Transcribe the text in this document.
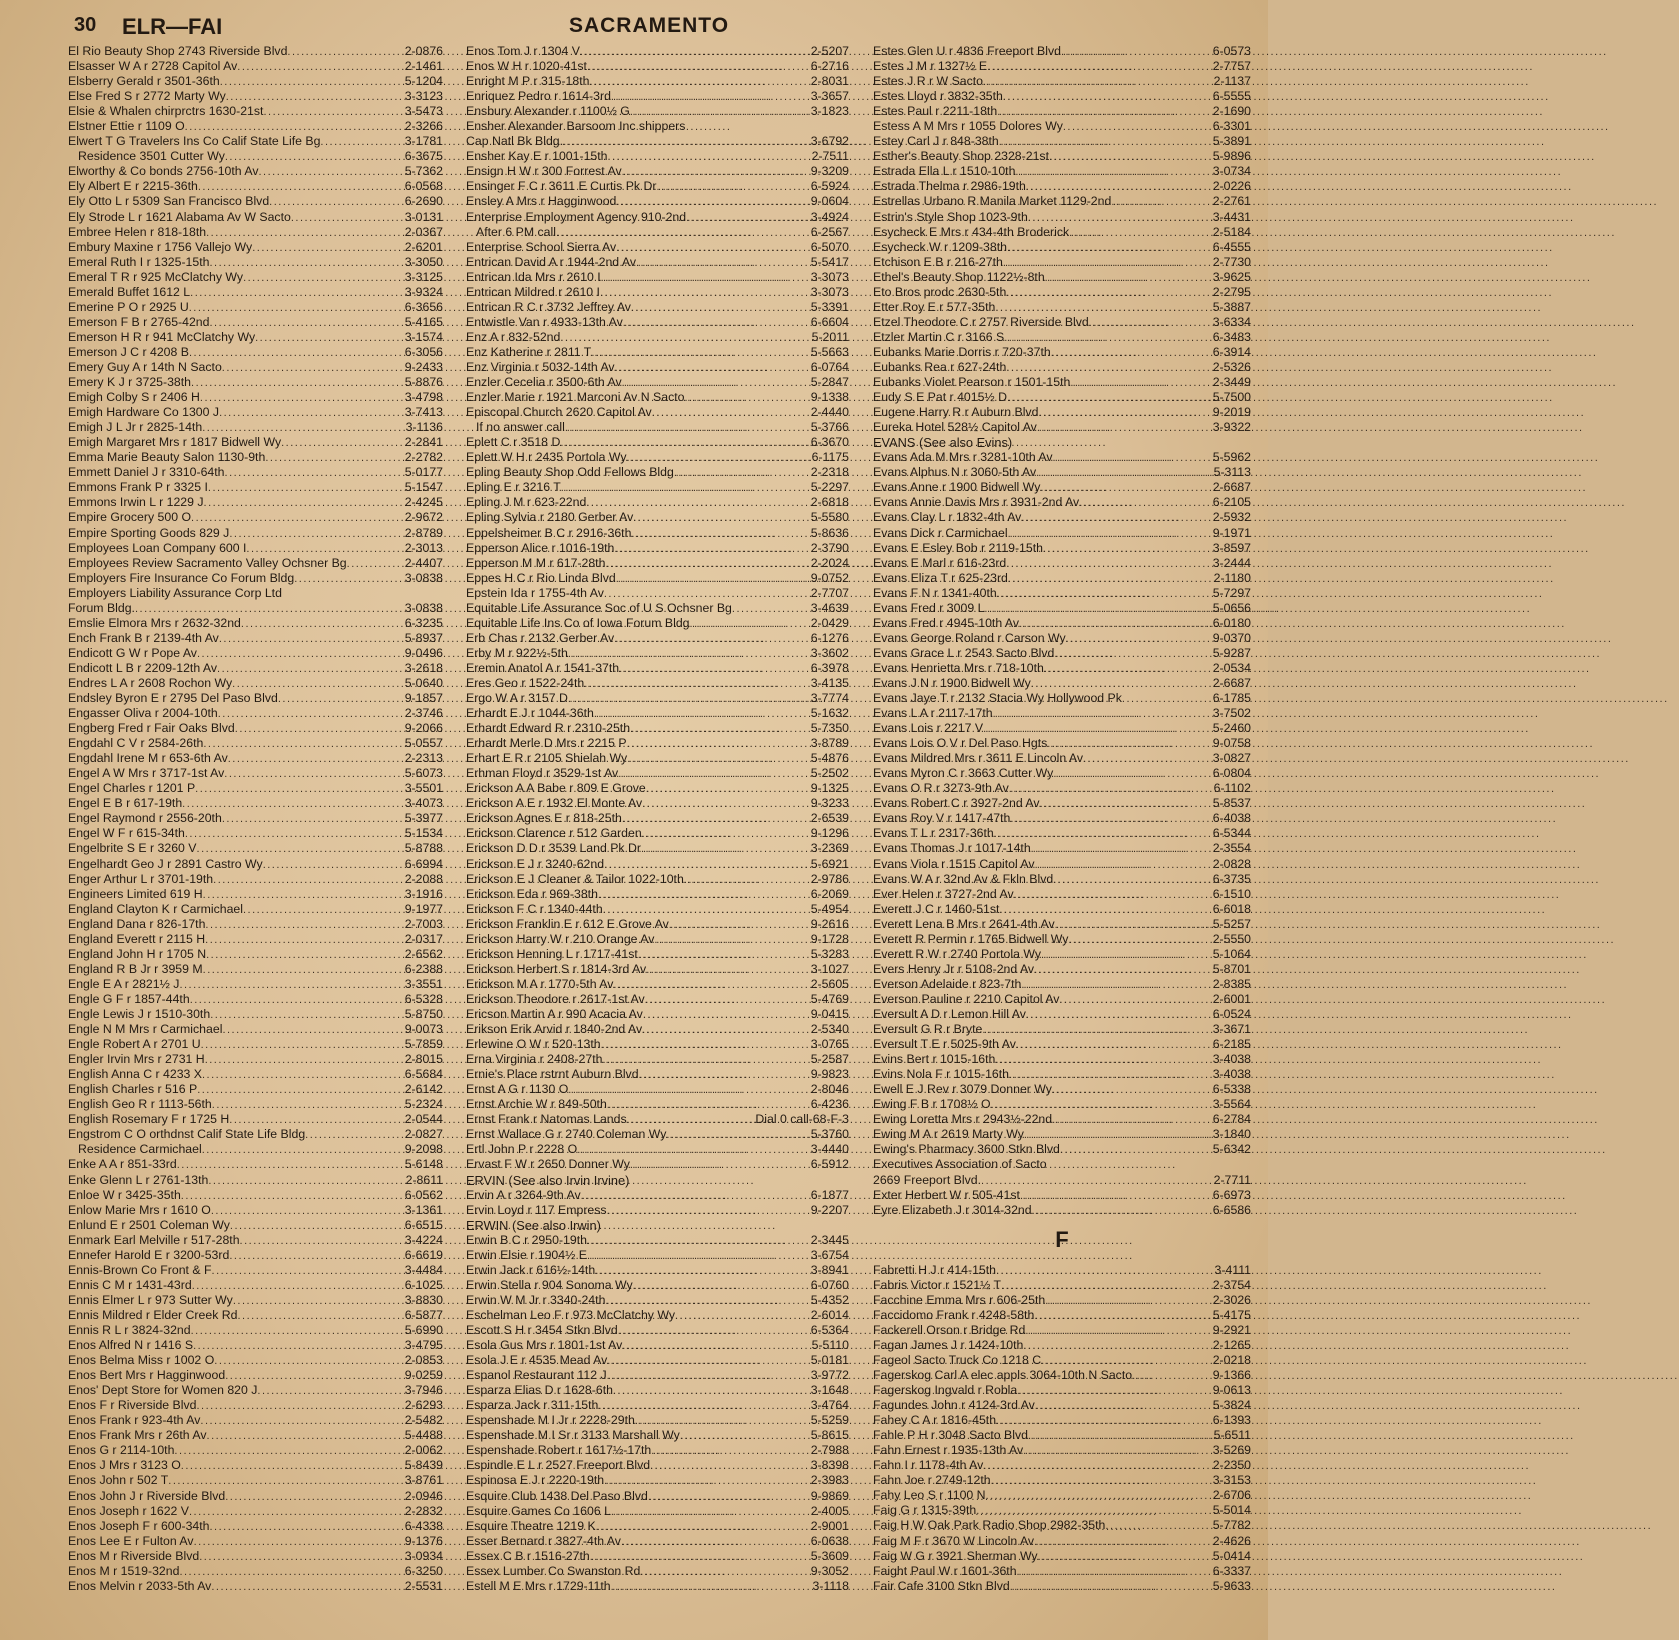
30 ELR—FAI	SACRAMENTO
El Rio Beauty Shop 2743 Riverside Blvd .....	2-0876
Elsasser W A r 2728 Capitol Av .....	2-1461
Elsberry Gerald r 3501-36th .....	5-1204
Else Fred S r 2772 Marty Wy .....	3-3123
Elsie & Whalen chirprctrs 1630-21st .....	3-5473
Elstner Ettie r 1109 O .....	2-3266
Elwert T G Travelers Ins Co Calif State Life Bg .....	3-1781
Residence 3501 Cutter Wy .....	6-3675
Elworthy & Co bonds 2756-10th Av .....	5-7362
Ely Albert E r 2215-36th .....	6-0568
Ely Otto L r 5309 San Francisco Blvd .....	6-2690
Ely Strode L r 1621 Alabama Av W Sacto .....	3-0131
Embree Helen r 818-18th .....	2-0367
Embury Maxine r 1756 Vallejo Wy .....	2-6201
Emeral Ruth I r 1325-15th .....	3-3050
Emeral T R r 925 McClatchy Wy .....	3-3125
Emerald Buffet 1612 L .....	3-9324
Emerine P O r 2925 U .....	6-3656
Emerson F B r 2765-42nd .....	5-4165
Emerson H R r 941 McClatchy Wy .....	3-1574
Emerson J C r 4208 B .....	6-3056
Emery Guy A r 14th N Sacto .....	9-2433
Emery K J r 3725-38th .....	5-8876
Emigh Colby S r 2406 H .....	3-4798
Emigh Hardware Co 1300 J .....	3-7413
Emigh J L Jr r 2825-14th .....	3-1136
Emigh Margaret Mrs r 1817 Bidwell Wy .....	2-2841
Emma Marie Beauty Salon 1130-9th .....	2-2782
Emmett Daniel J r 3310-64th .....	5-0177
Emmons Frank P r 3325 I .....	5-1547
Emmons Irwin L r 1229 J .....	2-4245
Empire Grocery 500 O .....	2-9672
Empire Sporting Goods 829 J .....	2-8789
Employees Loan Company 600 I .....	2-3013
Employees Review Sacramento Valley Ochsner Bg .....	2-4407
Employers Fire Insurance Co Forum Bldg .....	3-0838
Employers Liability Assurance Corp Ltd
Forum Bldg. .....	3-0838
Emslie Elmora Mrs r 2632-32nd .....	6-3235
Ench Frank B r 2139-4th Av .....	5-8937
Endicott G W r Pope Av .....	9-0496
Endicott L B r 2209-12th Av .....	3-2618
Endres L A r 2608 Rochon Wy .....	5-0640
Endsley Byron E r 2795 Del Paso Blvd .....	9-1857
Engasser Oliva r 2004-10th .....	2-3746
Engberg Fred r Fair Oaks Blvd .....	9-2066
Engdahl C V r 2584-26th .....	5-0557
Engdahl Irene M r 653-6th Av .....	2-2313
Engel A W Mrs r 3717-1st Av .....	5-6073
Engel Charles r 1201 P .....	3-5501
Engel E B r 617-19th .....	3-4073
Engel Raymond r 2556-20th .....	5-3977
Engel W F r 615-34th .....	5-1534
Engelbrite S E r 3260 V .....	5-8788
Engelhardt Geo J r 2891 Castro Wy .....	6-6994
Enger Arthur L r 3701-19th .....	2-2088
Engineers Limited 619 H .....	3-1916
England Clayton K r Carmichael .....	9-1977
England Dana r 826-17th .....	2-7003
England Everett r 2115 H .....	2-0317
England John H r 1705 N .....	2-6562
England R B Jr r 3959 M .....	6-2388
Engle E A r 2821½ J .....	3-3551
Engle G F r 1857-44th .....	6-5328
Engle Lewis J r 1510-30th .....	5-8750
Engle N M Mrs r Carmichael .....	9-0073
Engle Robert A r 2701 U .....	5-7859
Engler Irvin Mrs r 2731 H .....	2-8015
English Anna C r 4233 X .....	6-5684
English Charles r 516 P .....	2-6142
English Geo R r 1113-56th .....	5-2324
English Rosemary F r 1725 H .....	2-0544
Engstrom C O orthdnst Calif State Life Bldg .....	2-0827
Residence Carmichael .....	9-2098
Enke A A r 851-33rd .....	5-6148
Enke Glenn L r 2761-13th .....	2-8611
Enloe W r 3425-35th .....	6-0562
Enlow Marie Mrs r 1610 O .....	3-1361
Enlund E r 2501 Coleman Wy .....	6-6515
Enmark Earl Melville r 517-28th .....	3-4224
Ennefer Harold E r 3200-53rd .....	6-6619
Ennis-Brown Co Front & F .....	3-4484
Ennis C M r 1431-43rd .....	6-1025
Ennis Elmer L r 973 Sutter Wy .....	3-8830
Ennis Mildred r Elder Creek Rd .....	6-5877
Ennis R L r 3824-32nd .....	5-6990
Enos Alfred N r 1416 S .....	3-4795
Enos Belma Miss r 1002 O .....	2-0853
Enos Bert Mrs r Hagginwood .....	9-0259
Enos' Dept Store for Women 820 J .....	3-7946
Enos F r Riverside Blvd .....	2-6293
Enos Frank r 923-4th Av .....	2-5482
Enos Frank Mrs r 26th Av .....	5-4488
Enos G r 2114-10th .....	2-0062
Enos J Mrs r 3123 O .....	5-8439
Enos John r 502 T .....	3-8761
Enos John J r Riverside Blvd .....	2-0946
Enos Joseph r 1622 V .....	2-2832
Enos Joseph F r 600-34th .....	6-4338
Enos Lee E r Fulton Av .....	9-1376
Enos M r Riverside Blvd .....	3-0934
Enos M r 1519-32nd .....	6-3250
Enos Melvin r 2033-5th Av .....	2-5531
Enos Tom J r 1304 V .....	2-5207
Enos W H r 1020-41st .....	6-2716
Enright M P r 315-18th .....	2-8031
Enriquez Pedro r 1614-3rd .....	3-3657
Ensbury Alexander r 1100½ G .....	3-1823
Ensher Alexander Barsoom Inc shippers
Cap Natl Bk Bldg. .....	3-6792
Ensher Kay E r 1001-15th .....	2-7511
Ensign H W r 300 Forrest Av .....	9-3209
Ensinger F C r 3611 E Curtis Pk Dr .....	6-5924
Ensley A Mrs r Hagginwood .....	9-0604
Enterprise Employment Agency 910-2nd .....	3-4924
After 6 PM call .....	6-2567
Enterprise School Sierra Av .....	6-5070
Entrican David A r 1944-2nd Av .....	5-5417
Entrican Ida Mrs r 2610 I .....	3-3073
Entrican Mildred r 2610 I .....	3-3073
Entrican R C r 3732 Jeffrey Av .....	5-3391
Entwistle Van r 4933-13th Av .....	6-6604
Enz A r 832-52nd .....	5-2011
Enz Katherine r 2811 T .....	5-5663
Enz Virginia r 5032-14th Av .....	6-0764
Enzler Cecelia r 3500-6th Av .....	5-2847
Enzler Marie r 1921 Marconi Av N Sacto .....	9-1338
Episcopal Church 2620 Capitol Av .....	2-4440
If no answer call .....	5-3766
Eplett C r 3518 D .....	6-3670
Eplett W H r 2435 Portola Wy .....	6-1175
Epling Beauty Shop Odd Fellows Bldg .....	2-2318
Epling E r 3216 T .....	5-2297
Epling J M r 623-22nd .....	2-6818
Epling Sylvia r 2180 Gerber Av .....	5-5580
Eppelsheimer B C r 2916-36th .....	5-8636
Epperson Alice r 1016-19th .....	2-3790
Epperson M M r 617-28th .....	2-2024
Eppes H C r Rio Linda Blvd .....	9-0752
Epstein Ida r 1755-4th Av .....	2-7707
Equitable Life Assurance Soc of U S Ochsner Bg .....	3-4639
Equitable Life Ins Co of Iowa Forum Bldg .....	2-0429
Erb Chas r 2132 Gerber Av .....	6-1276
Erby M r 922½-5th .....	3-3602
Eremin Anatol A r 1541-37th .....	6-3978
Eres Geo r 1522-24th .....	3-4135
Ergo W A r 3157 D .....	3-7774
Erhardt E J r 1044-36th .....	5-1632
Erhardt Edward R r 2310-25th .....	5-7350
Erhardt Merle D Mrs r 2215 P .....	3-8789
Erhart E R r 2105 Shielah Wy .....	5-4876
Erhman Floyd r 3529-1st Av .....	5-2502
Erickson A A Babe r 809 E Grove .....	9-1325
Erickson A E r 1932 El Monte Av .....	9-3233
Erickson Agnes E r 818-25th .....	2-6539
Erickson Clarence r 512 Garden .....	9-1296
Erickson D D r 3539 Land Pk Dr .....	3-2369
Erickson E J r 3240-62nd .....	5-6921
Erickson E J Cleaner & Tailor 1022-10th .....	2-9786
Erickson Eda r 969-38th .....	6-2069
Erickson F C r 1340-44th .....	5-4954
Erickson Franklin E r 612 E Grove Av .....	9-2616
Erickson Harry W r 210 Orange Av .....	9-1728
Erickson Henning L r 1717-41st .....	5-3283
Erickson Herbert S r 1814-3rd Av .....	3-1027
Erickson M A r 1770-5th Av .....	2-5605
Erickson Theodore r 2617-1st Av .....	5-4769
Ericson Martin A r 990 Acacia Av .....	9-0415
Erikson Erik Arvid r 1840-2nd Av .....	2-5340
Erlewine O W r 520-13th .....	3-0765
Erna Virginia r 2408-27th .....	5-2587
Ernie's Place rstrnt Auburn Blvd .....	9-9823
Ernst A G r 1130 O .....	2-8046
Ernst Archie W r 849-50th .....	6-4236
Ernst Frank r Natomas Lands .....	Dial 0 call-68-F-3
Ernst Wallace G r 2740 Coleman Wy .....	5-3760
Ertl John P r 2228 O .....	3-4440
Ervast F W r 2650 Donner Wy .....	6-5912
ERVIN (See also Irvin Irvine)
Ervin A r 3264-9th Av .....	6-1877
Ervin Loyd r 117 Empress .....	9-2207
ERWIN (See also Irwin)
Erwin B C r 2950-19th .....	2-3445
Erwin Elsie r 1904½ E .....	3-6754
Erwin Jack r 616½-14th .....	3-8941
Erwin Stella r 904 Sonoma Wy .....	6-0760
Erwin W M Jr r 3340-24th .....	5-4352
Eschelman Leo F r 973 McClatchy Wy .....	2-6014
Escott S H r 3454 Stkn Blvd .....	6-5364
Esola Gus Mrs r 1801-1st Av .....	5-5110
Esola J E r 4535 Mead Av .....	5-0181
Espanol Restaurant 112 J .....	3-9772
Esparza Elias D r 1628-6th .....	3-1648
Esparza Jack r 311-15th .....	3-4764
Espenshade M I Jr r 2228-29th .....	5-5259
Espenshade M I Sr r 3133 Marshall Wy .....	5-8615
Espenshade Robert r 1617½-17th .....	2-7988
Espindle E L r 2527 Freeport Blvd .....	3-8398
Espinosa E J r 2220-19th .....	2-3983
Esquire Club 1438 Del Paso Blvd .....	9-9869
Esquire Games Co 1606 L .....	2-4005
Esquire Theatre 1219 K .....	2-9001
Esser Bernard r 3827-4th Av .....	6-0638
Essex C B r 1516-27th .....	5-3609
Essex Lumber Co Swanston Rd .....	9-3052
Estell M E Mrs r 1729-11th .....	3-1118
Estes Glen U r 4836 Freeport Blvd .....	6-0573
Estes J M r 1327½ E .....	2-7757
Estes J R r W Sacto .....	2-1137
Estes Lloyd r 3832-35th .....	6-5555
Estes Paul r 2211-18th .....	2-1690
Estess A M Mrs r 1055 Dolores Wy .....	6-3301
Estey Carl J r 848-38th .....	5-3891
Esther's Beauty Shop 2328-21st .....	5-9896
Estrada Ella L r 1510-10th .....	3-0734
Estrada Thelma r 2986-19th .....	2-0226
Estrellas Urbano R Manila Market 1129-2nd .....	2-2761
Estrin's Style Shop 1023-9th .....	3-4431
Esycheck E Mrs r 434-4th Broderick .....	2-5184
Esycheck W r 1209-38th .....	6-4555
Etchison E B r 216-27th .....	2-7730
Ethel's Beauty Shop 1122½-8th .....	3-9625
Eto Bros prodc 2630-5th .....	2-2795
Etter Roy E r 577-35th .....	5-3887
Etzel Theodore C r 2757 Riverside Blvd .....	3-6334
Etzler Martin C r 3166 S .....	6-3483
Eubanks Marie Dorris r 720-37th .....	6-3914
Eubanks Rea r 627-24th .....	2-5326
Eubanks Violet Pearson r 1501-15th .....	2-3449
Eudy S E Pat r 4015½ D .....	5-7500
Eugene Harry R r Auburn Blvd .....	9-2019
Eureka Hotel 528½ Capitol Av .....	3-9322
EVANS (See also Evins)
Evans Ada M Mrs r 3281-10th Av .....	5-5962
Evans Alphus N r 3060-5th Av .....	5-3113
Evans Anne r 1900 Bidwell Wy .....	2-6687
Evans Annie Davis Mrs r 3931-2nd Av .....	6-2105
Evans Clay L r 1832-4th Av .....	2-5932
Evans Dick r Carmichael .....	9-1971
Evans E Esley Bob r 2119-15th .....	3-8597
Evans E Marl r 616-23rd .....	3-2444
Evans Eliza T r 625-23rd .....	2-1180
Evans F N r 1341-40th .....	5-7297
Evans Fred r 3009 L .....	5-0656
Evans Fred r 4945-10th Av .....	6-0180
Evans George Roland r Carson Wy .....	9-0370
Evans Grace L r 2543 Sacto Blvd .....	5-9287
Evans Henrietta Mrs r 718-10th .....	2-0534
Evans J N r 1900 Bidwell Wy .....	2-6687
Evans Jaye T r 2132 Stacia Wy Hollywood Pk .....	6-1785
Evans L A r 2117-17th .....	3-7502
Evans Lois r 2217 V .....	5-2460
Evans Lois O V r Del Paso Hgts .....	9-0758
Evans Mildred Mrs r 3611 E Lincoln Av .....	3-0827
Evans Myron C r 3663 Cutter Wy .....	6-0804
Evans O R r 3273-9th Av .....	6-1102
Evans Robert C r 3927-2nd Av .....	5-8537
Evans Roy V r 1417-47th .....	6-4038
Evans T L r 2317-36th .....	6-5344
Evans Thomas J r 1017-14th .....	2-3554
Evans Viola r 1515 Capitol Av .....	2-0828
Evans W A r 32nd Av & Fkln Blvd .....	6-3735
Ever Helen r 3727-2nd Av .....	6-1510
Everett J C r 1460-51st .....	6-6018
Everett Lena B Mrs r 2641-4th Av .....	5-5257
Everett R Permin r 1765 Bidwell Wy .....	2-5550
Everett R W r 2740 Portola Wy .....	5-1064
Evers Henry Jr r 5108-2nd Av .....	5-8701
Everson Adelaide r 823-7th .....	2-8385
Everson Pauline r 2210 Capitol Av .....	2-6001
Eversult A D r Lemon Hill Av .....	6-0524
Eversult G R r Bryte .....	3-3671
Eversult T E r 5025-9th Av .....	6-2185
Evins Bert r 1015-16th .....	3-4038
Evins Nola F r 1015-16th .....	3-4038
Ewell E J Rev r 3079 Donner Wy .....	6-5338
Ewing F B r 1708½ O .....	3-5564
Ewing Loretta Mrs r 2943½-22nd .....	6-2784
Ewing M A r 2619 Marty Wy .....	3-1840
Ewing's Pharmacy 3600 Stkn Blvd .....	5-6342
Executives Association of Sacto
2669 Freeport Blvd. .....	2-7711
Exter Herbert W r 505-41st .....	6-6973
Eyre Elizabeth J r 3014-32nd .....	6-6586
F
Fabretti H J r 414-15th .....	3-4111
Fabris Victor r 1521½ T .....	2-3754
Facchine Emma Mrs r 606-25th .....	2-3026
Faccidomo Frank r 4248-58th .....	5-4175
Fackerell Orson r Bridge Rd .....	9-2921
Fagan James J r 1424-10th .....	2-1265
Fageol Sacto Truck Co 1218 C .....	2-0218
Fagerskog Carl A elec appls 3064-10th N Sacto .....	9-1366
Fagerskog Ingvald r Robla .....	9-0613
Fagundes John r 4124-3rd Av .....	5-3824
Fahey C A r 1816-45th .....	6-1393
Fahle P H r 3048 Sacto Blvd .....	5-6511
Fahn Ernest r 1935-13th Av .....	3-5269
Fahn I r 1178-4th Av .....	2-2350
Fahn Joe r 2749-12th .....	3-3153
Fahy Leo S r 1100 N .....	2-6706
Faig G r 1315-39th .....	5-5014
Faig H W Oak Park Radio Shop 2982-35th .....	5-7782
Faig M F r 3670 W Lincoln Av .....	2-4626
Faig W G r 3921 Sherman Wy .....	5-0414
Faight Paul W r 1601-36th .....	6-3337
Fair Cafe 3100 Stkn Blvd .....	5-9633
